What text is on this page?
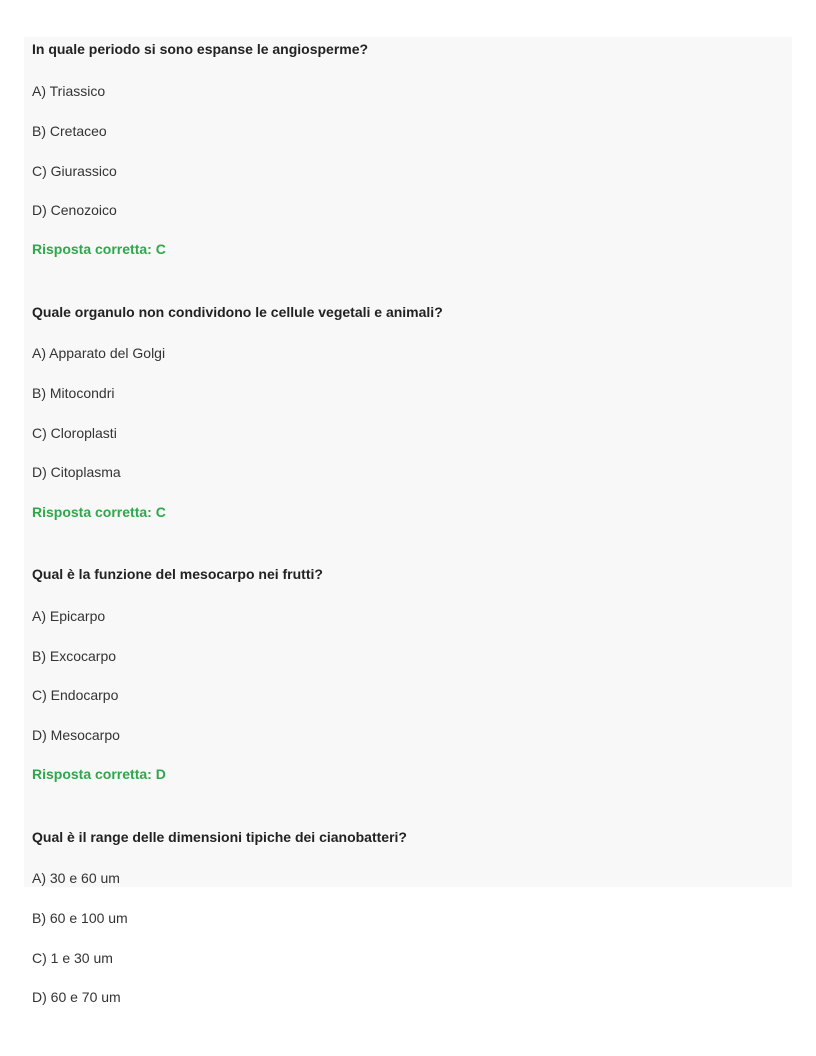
In quale periodo si sono espanse le angiosperme?
A) Triassico
B) Cretaceo
C) Giurassico
D) Cenozoico
Risposta corretta: C
Quale organulo non condividono le cellule vegetali e animali?
A) Apparato del Golgi
B) Mitocondri
C) Cloroplasti
D) Citoplasma
Risposta corretta: C
Qual è la funzione del mesocarpo nei frutti?
A) Epicarpo
B) Excocarpo
C) Endocarpo
D) Mesocarpo
Risposta corretta: D
Qual è il range delle dimensioni tipiche dei cianobatteri?
A) 30 e 60 um
B) 60 e 100 um
C) 1 e 30 um
D) 60 e 70 um
